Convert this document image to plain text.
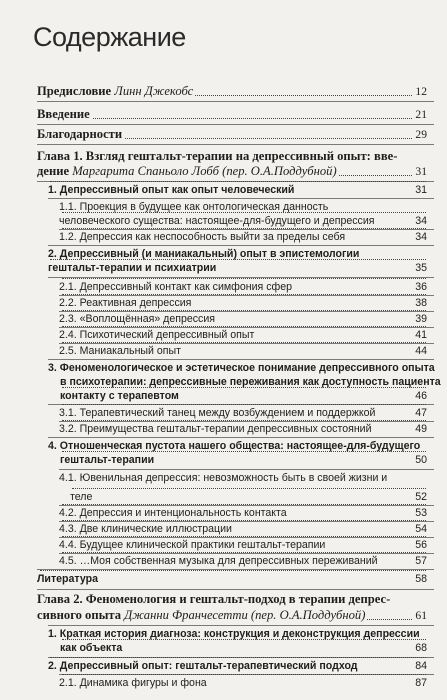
Содержание
Предисловие Линн Джекобс	12
Введение	21
Благодарности	29
Глава 1. Взгляд гештальт-терапии на депрессивный опыт: вве-
дение Маргарита Спаньоло Лобб (пер. О.А.Поддубной)	31
1. Депрессивный опыт как опыт человеческий	31
1.1. Проекция в будущее как онтологическая данность
человеческого существа: настоящее-для-будущего и депрессия	34
1.2. Депрессия как неспособность выйти за пределы себя	34
2. Депрессивный (и маниакальный) опыт в эпистемологии
гештальт-терапии и психиатрии	35
2.1. Депрессивный контакт как симфония сфер	36
2.2. Реактивная депрессия	38
2.3. «Воплощённая» депрессия	39
2.4. Психотический депрессивный опыт	41
2.5. Маниакальный опыт	44
3. Феноменологическое и эстетическое понимание депрессивного опыта
в психотерапии: депрессивные переживания как доступность пациента
контакту с терапевтом	46
3.1. Терапевтический танец между возбуждением и поддержкой	47
3.2. Преимущества гештальт-терапии депрессивных состояний	49
4. Отношенческая пустота нашего общества: настоящее-для-будущего
гештальт-терапии	50
4.1. Ювенильная депрессия: невозможность быть в своей жизни и
теле	52
4.2. Депрессия и интенциональность контакта	53
4.3. Две клинические иллюстрации	54
4.4. Будущее клинической практики гештальт-терапии	56
4.5. …Моя собственная музыка для депрессивных переживаний	57
Литература	58
Глава 2. Феноменология и гештальт-подход в терапии депрес-
сивного опыта Джанни Франчесетти (пер. О.А.Поддубной)	61
1. Краткая история диагноза: конструкция и деконструкция депрессии
как объекта	68
2. Депрессивный опыт: гештальт-терапевтический подход	84
2.1. Динамика фигуры и фона	87
